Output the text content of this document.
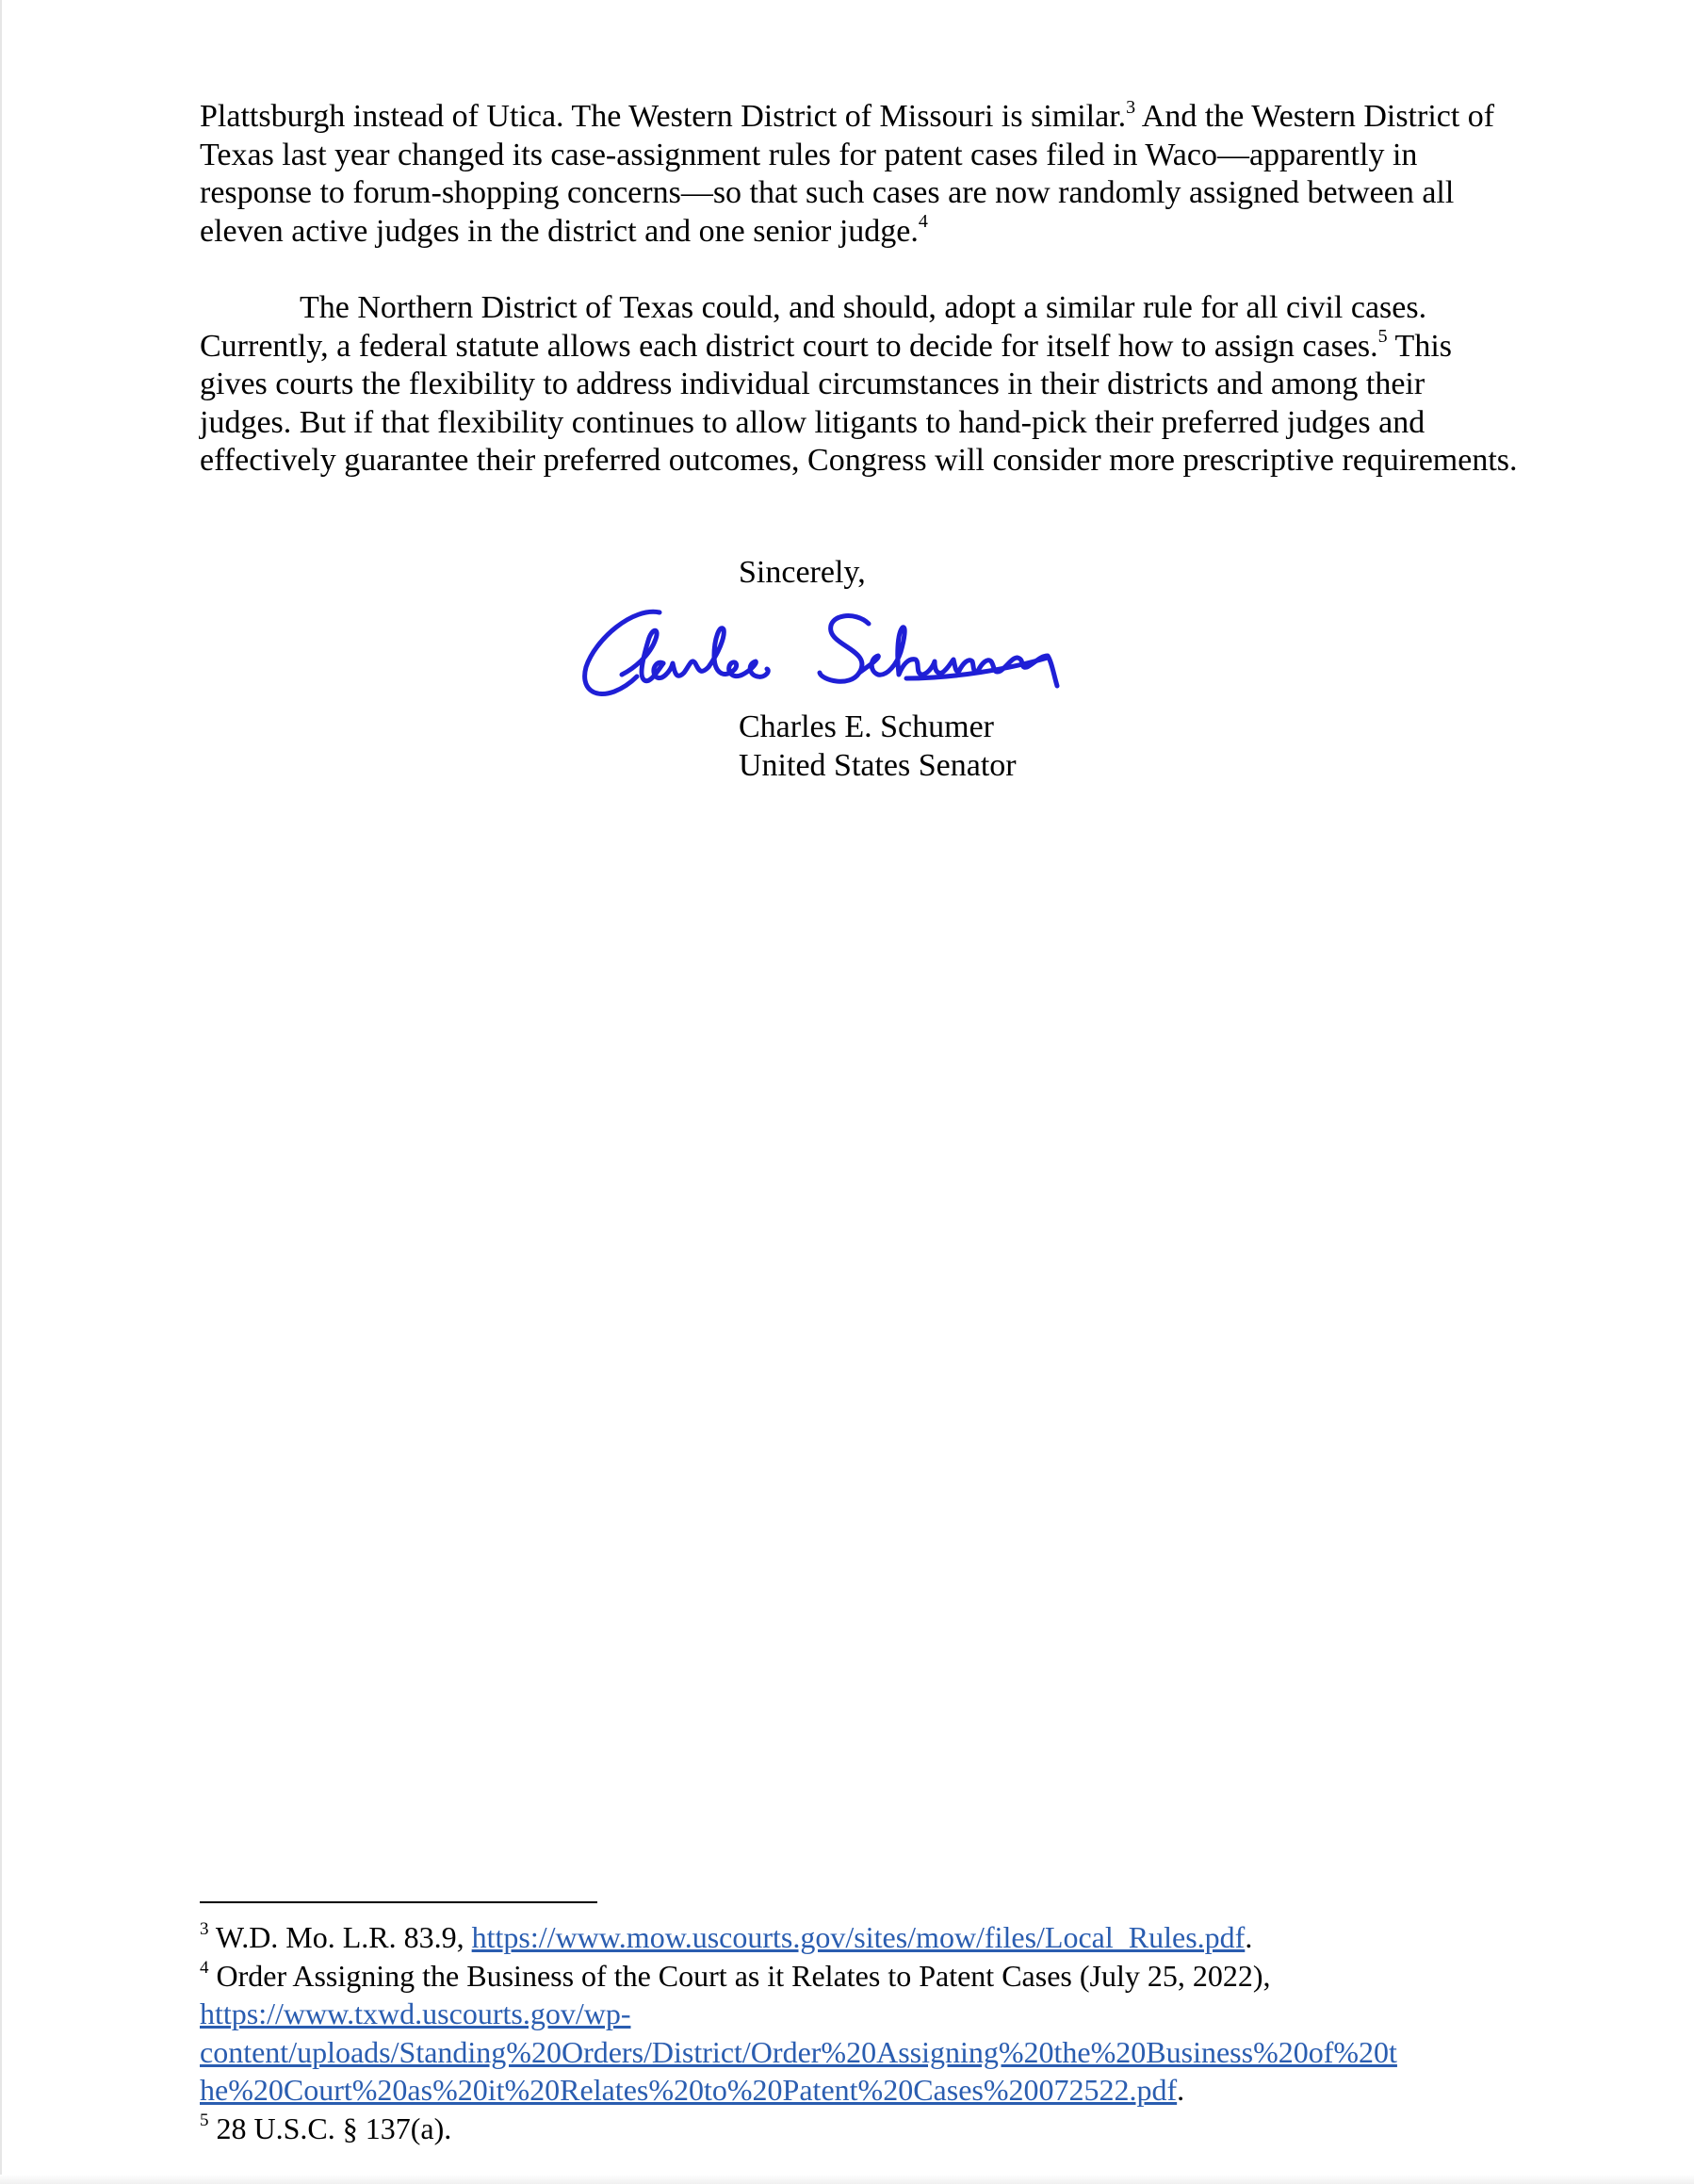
Plattsburgh instead of Utica. The Western District of Missouri is similar.$^3$ And the Western District of Texas last year changed its case-assignment rules for patent cases filed in Waco—apparently in response to forum-shopping concerns—so that such cases are now randomly assigned between all eleven active judges in the district and one senior judge.$^4$
The Northern District of Texas could, and should, adopt a similar rule for all civil cases. Currently, a federal statute allows each district court to decide for itself how to assign cases.$^5$ This gives courts the flexibility to address individual circumstances in their districts and among their judges. But if that flexibility continues to allow litigants to hand-pick their preferred judges and effectively guarantee their preferred outcomes, Congress will consider more prescriptive requirements.
Sincerely,
Charles E. Schumer
United States Senator
$^3$ W.D. Mo. L.R. 83.9, https://www.mow.uscourts.gov/sites/mow/files/Local_Rules.pdf.
$^4$ Order Assigning the Business of the Court as it Relates to Patent Cases (July 25, 2022),
https://www.txwd.uscourts.gov/wp-
content/uploads/Standing%20Orders/District/Order%20Assigning%20the%20Business%20of%20t
he%20Court%20as%20it%20Relates%20to%20Patent%20Cases%20072522.pdf.
$^5$ 28 U.S.C. § 137(a).
